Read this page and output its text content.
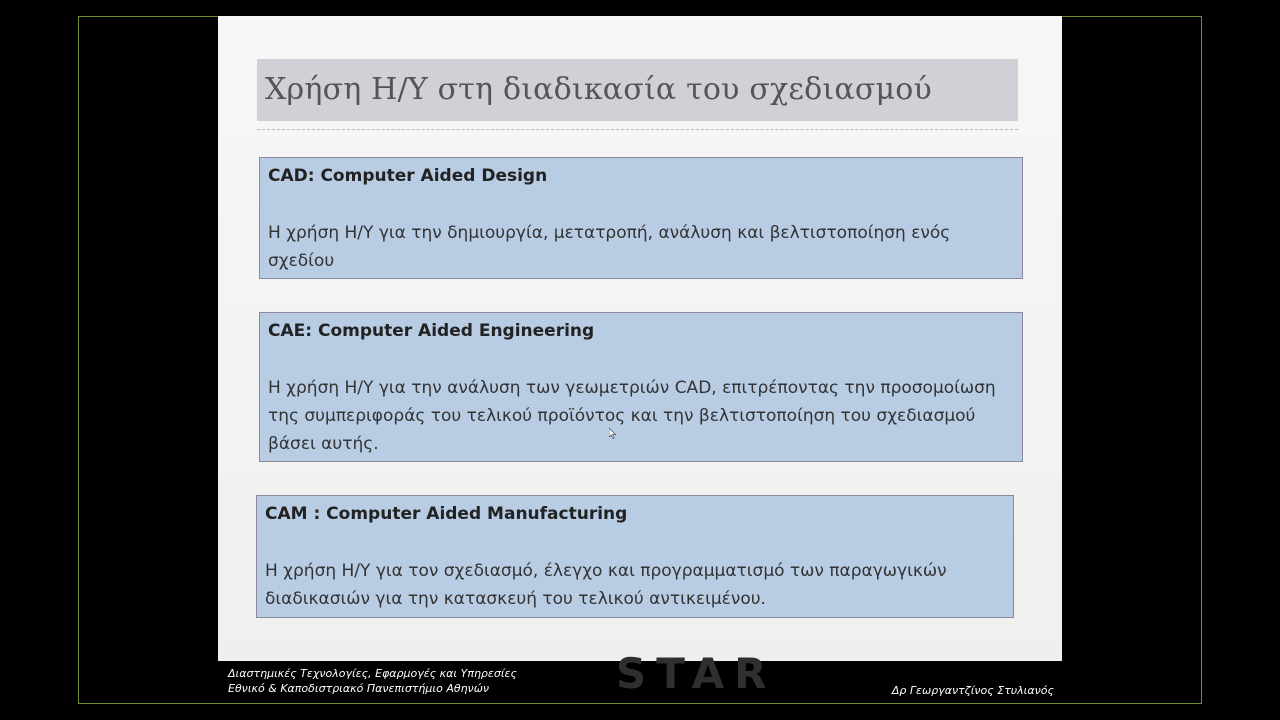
Χρήση Η/Υ στη διαδικασία του σχεδιασμού
CAD: Computer Aided Design
Η χρήση Η/Υ για την δημιουργία, μετατροπή, ανάλυση και βελτιστοποίηση ενός σχεδίου
CAE: Computer Aided Engineering
Η χρήση Η/Υ για την ανάλυση των γεωμετριών CAD, επιτρέποντας την προσομοίωση της συμπεριφοράς του τελικού προϊόντος και την βελτιστοποίηση του σχεδιασμού βάσει αυτής.
CAM : Computer Aided Manufacturing
Η χρήση Η/Υ για τον σχεδιασμό, έλεγχο και προγραμματισμό των παραγωγικών διαδικασιών για την κατασκευή του τελικού αντικειμένου.
Διαστημικές Τεχνολογίες, Εφαρμογές και Υπηρεσίες
Εθνικό & Καποδιστριακό Πανεπιστήμιο Αθηνών	STAR	Δρ Γεωργαντζίνος Στυλιανός
